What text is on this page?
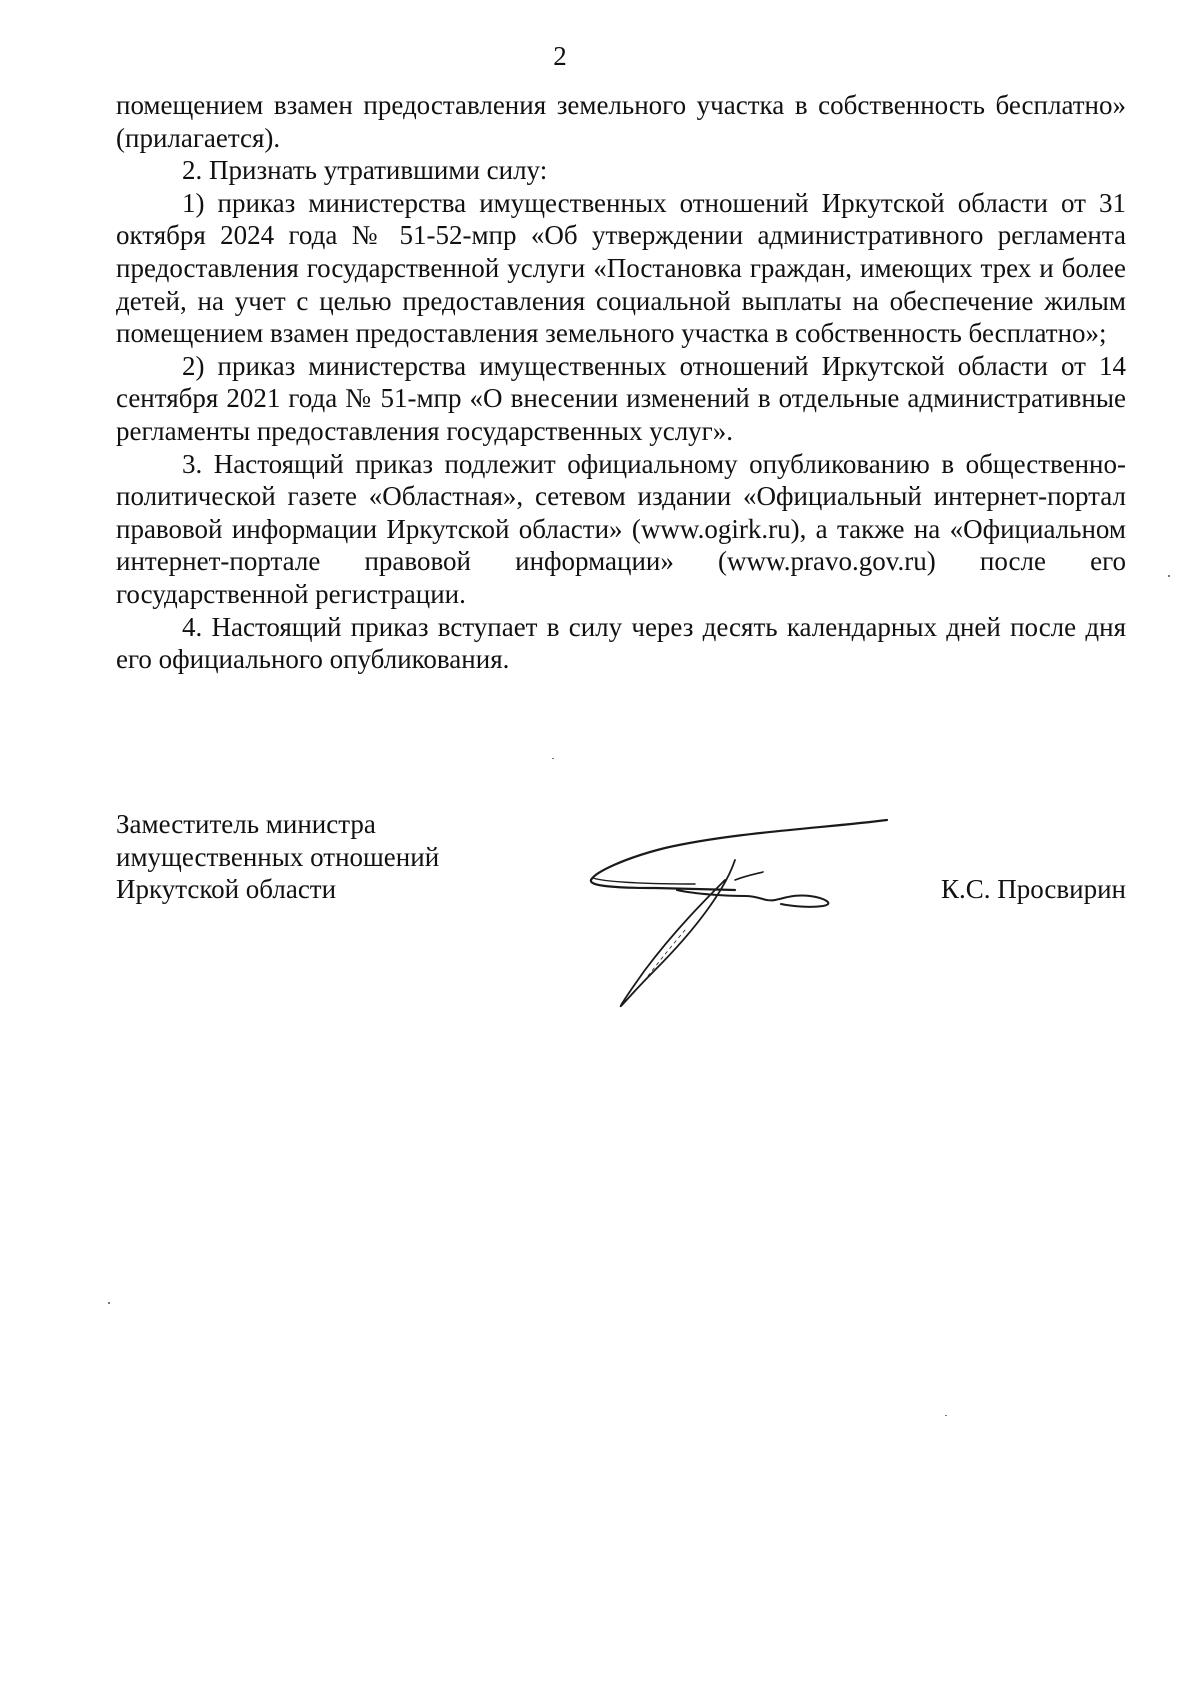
2

помещением взамен предоставления земельного участка в собственность бесплатно» (прилагается).

2. Признать утратившими силу:

1) приказ министерства имущественных отношений Иркутской области от 31 октября 2024 года № 51-52-мпр «Об утверждении административного регламента предоставления государственной услуги «Постановка граждан, имеющих трех и более детей, на учет с целью предоставления социальной выплаты на обеспечение жилым помещением взамен предоставления земельного участка в собственность бесплатно»;

2) приказ министерства имущественных отношений Иркутской области от 14 сентября 2021 года № 51-мпр «О внесении изменений в отдельные административные регламенты предоставления государственных услуг».

3. Настоящий приказ подлежит официальному опубликованию в общественно-политической газете «Областная», сетевом издании «Официальный интернет-портал правовой информации Иркутской области» (www.ogirk.ru), а также на «Официальном интернет-портале правовой информации» (www.pravo.gov.ru) после его государственной регистрации.

4. Настоящий приказ вступает в силу через десять календарных дней после дня его официального опубликования.

Заместитель министра
имущественных отношений
Иркутской области	К.С. Просвирин
